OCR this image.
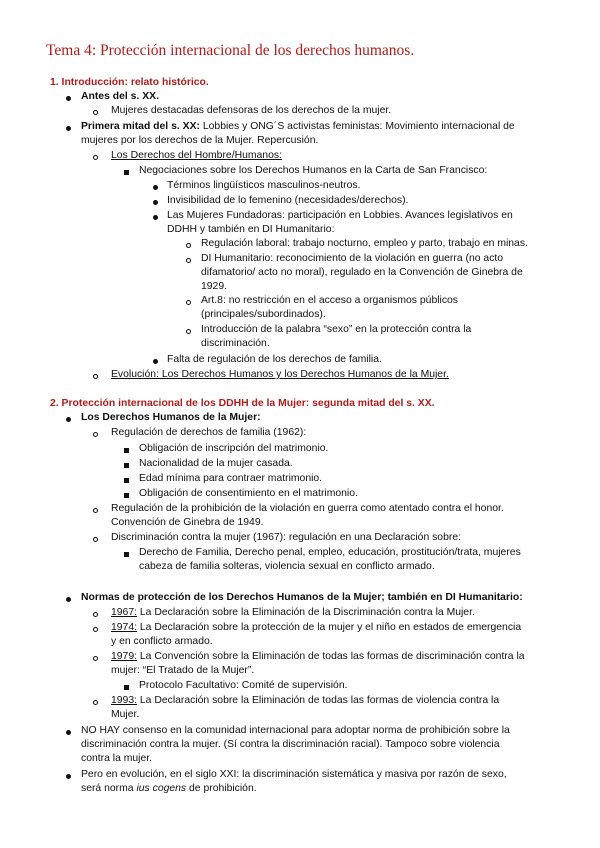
Tema 4: Protección internacional de los derechos humanos.
1. Introducción: relato histórico.
Antes del s. XX.
Mujeres destacadas defensoras de los derechos de la mujer.
Primera mitad del s. XX: Lobbies y ONG´S activistas feministas: Movimiento internacional de
mujeres por los derechos de la Mujer. Repercusión.
Los Derechos del Hombre/Humanos:
Negociaciones sobre los Derechos Humanos en la Carta de San Francisco:
Términos lingüísticos masculinos-neutros.
Invisibilidad de lo femenino (necesidades/derechos).
Las Mujeres Fundadoras: participación en Lobbies. Avances legislativos en
DDHH y también en DI Humanitario:
Regulación laboral: trabajo nocturno, empleo y parto, trabajo en minas.
DI Humanitario: reconocimiento de la violación en guerra (no acto
difamatorio/ acto no moral), regulado en la Convención de Ginebra de
1929.
Art.8: no restricción en el acceso a organismos públicos
(principales/subordinados).
Introducción de la palabra “sexo” en la protección contra la
discriminación.
Falta de regulación de los derechos de familia.
Evolución: Los Derechos Humanos y los Derechos Humanos de la Mujer.
2. Protección internacional de los DDHH de la Mujer: segunda mitad del s. XX.
Los Derechos Humanos de la Mujer:
Regulación de derechos de familia (1962):
Obligación de inscripción del matrimonio.
Nacionalidad de la mujer casada.
Edad mínima para contraer matrimonio.
Obligación de consentimiento en el matrimonio.
Regulación de la prohibición de la violación en guerra como atentado contra el honor.
Convención de Ginebra de 1949.
Discriminación contra la mujer (1967): regulación en una Declaración sobre:
Derecho de Familia, Derecho penal, empleo, educación, prostitución/trata, mujeres
cabeza de familia solteras, violencia sexual en conflicto armado.
Normas de protección de los Derechos Humanos de la Mujer; también en DI Humanitario:
1967: La Declaración sobre la Eliminación de la Discriminación contra la Mujer.
1974: La Declaración sobre la protección de la mujer y el niño en estados de emergencia
y en conflicto armado.
1979: La Convención sobre la Eliminación de todas las formas de discriminación contra la
mujer: “El Tratado de la Mujer”.
Protocolo Facultativo: Comité de supervisión.
1993: La Declaración sobre la Eliminación de todas las formas de violencia contra la
Mujer.
NO HAY consenso en la comunidad internacional para adoptar norma de prohibición sobre la
discriminación contra la mujer. (Sí contra la discriminación racial). Tampoco sobre violencia
contra la mujer.
Pero en evolución, en el siglo XXI: la discriminación sistemática y masiva por razón de sexo,
será norma ius cogens de prohibición.
